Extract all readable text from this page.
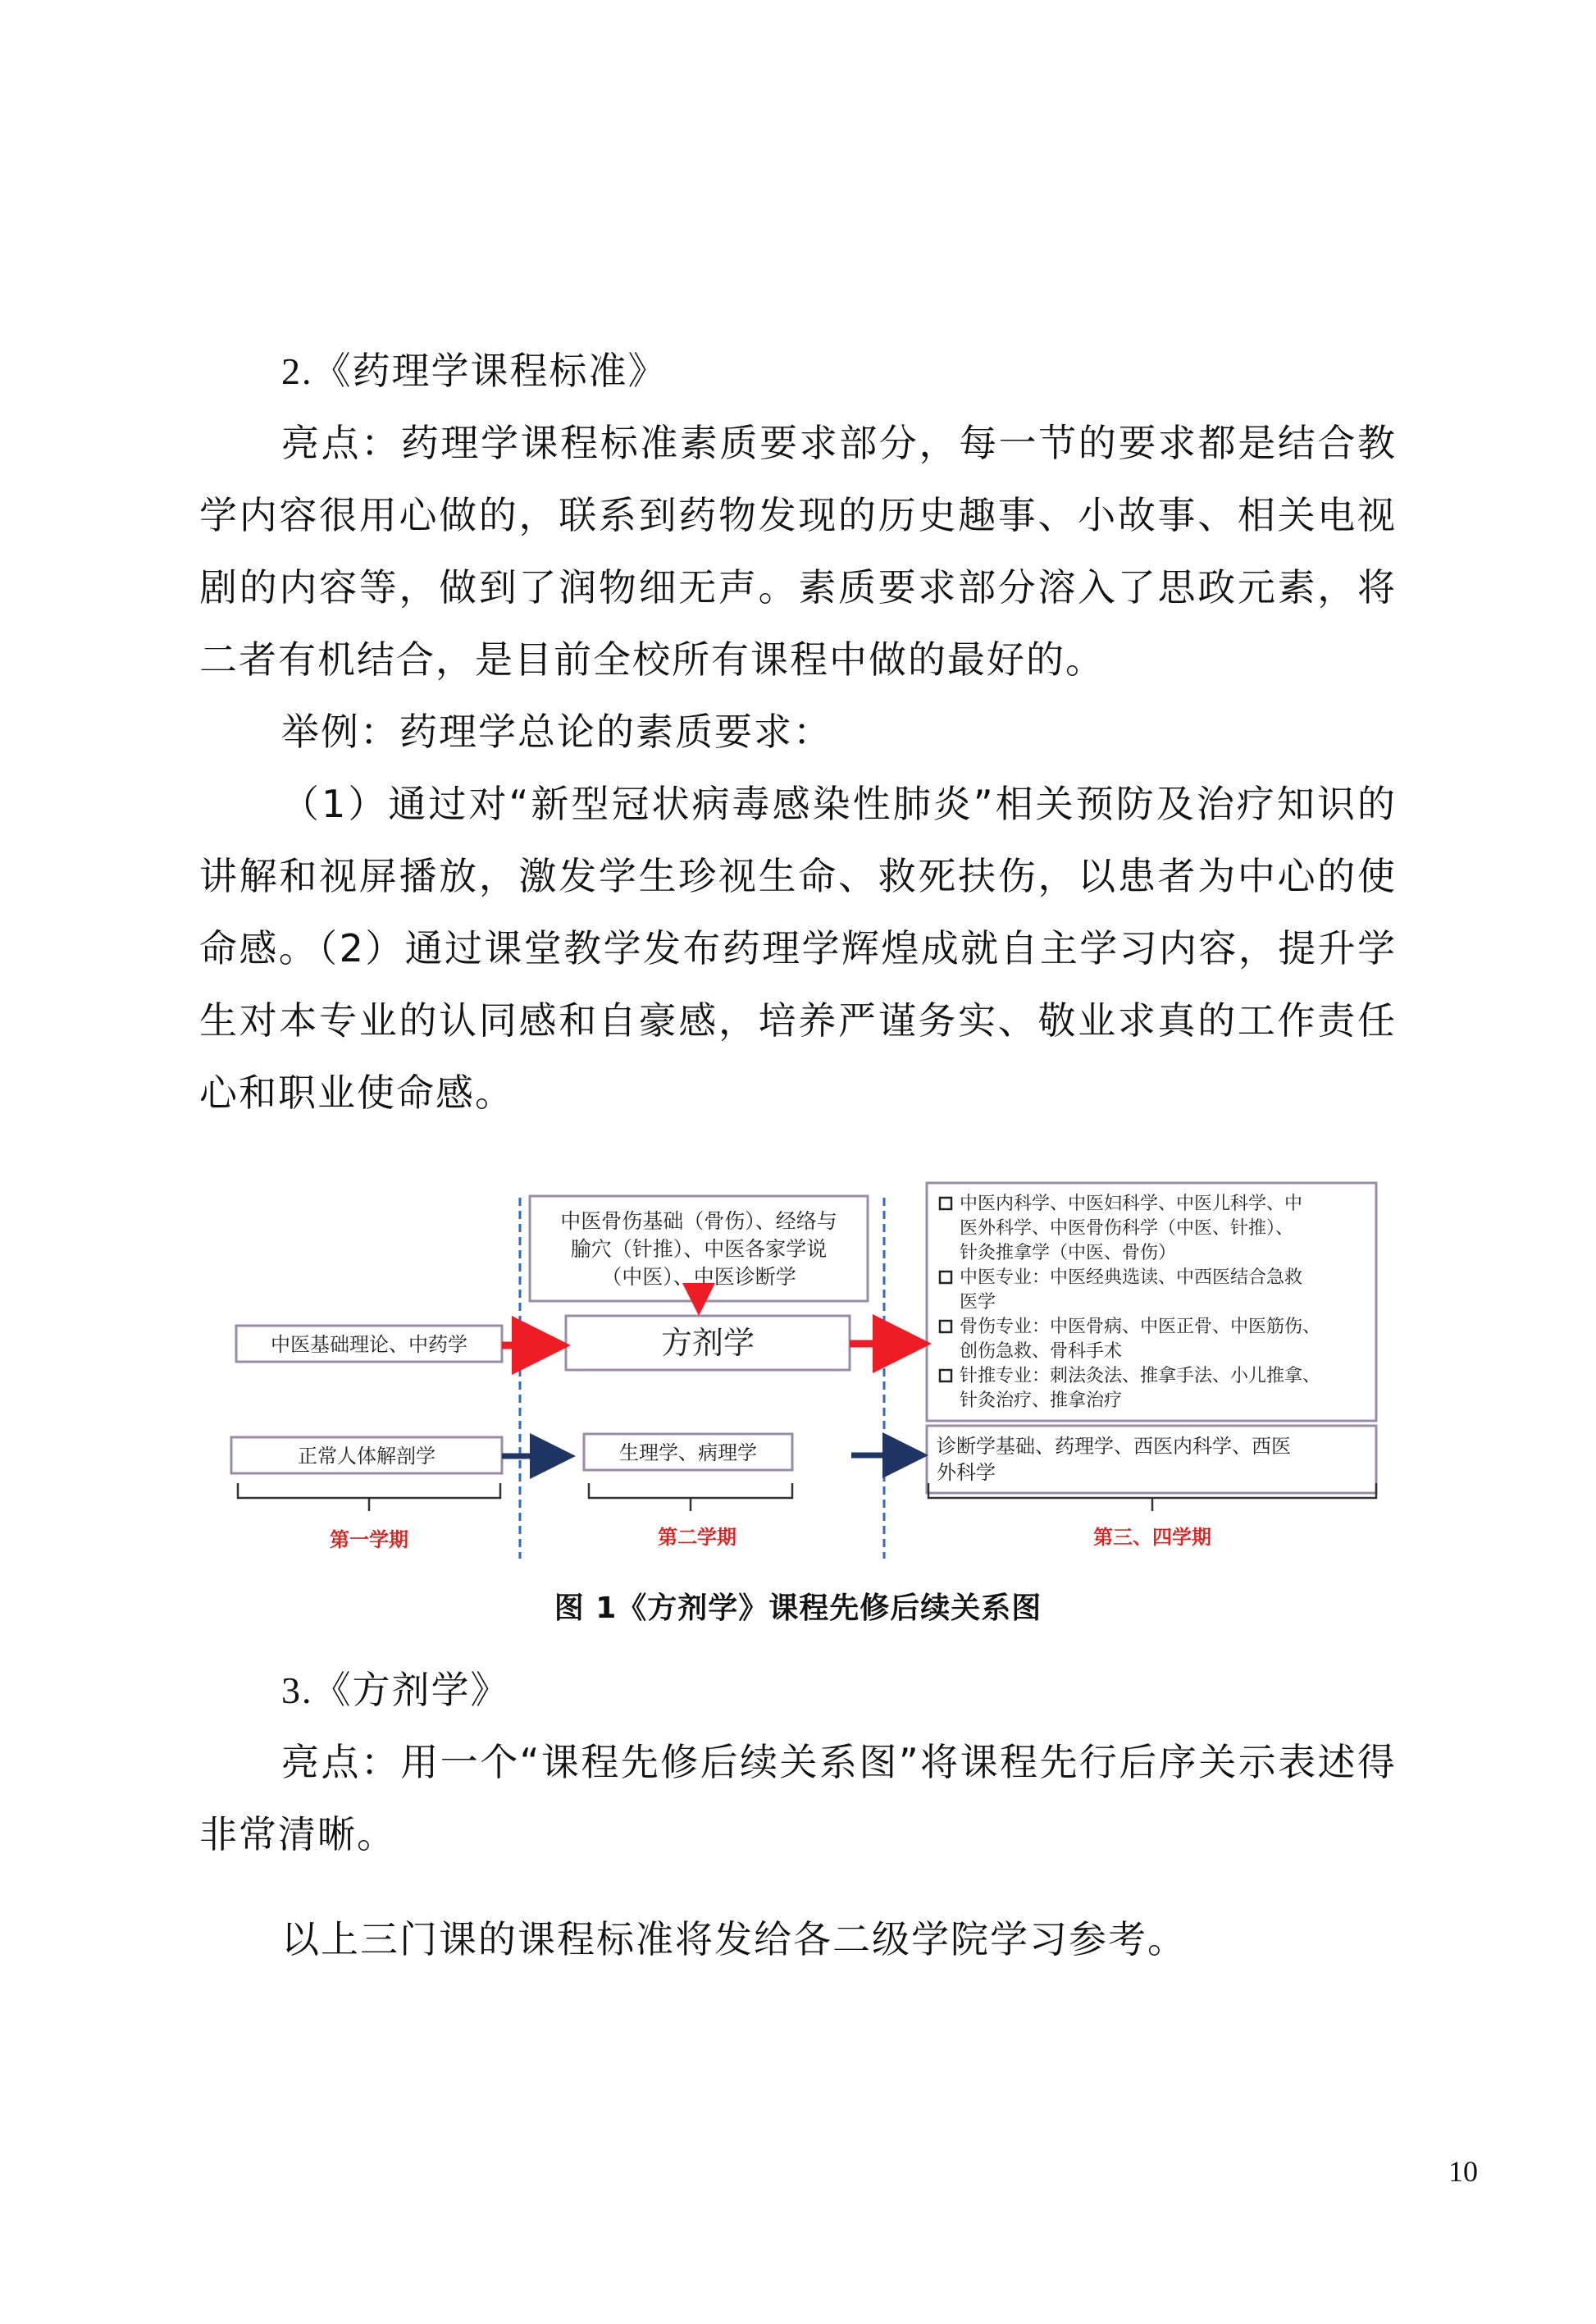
2.《药理学课程标准》

亮点：药理学课程标准素质要求部分，每一节的要求都是结合教学内容很用心做的，联系到药物发现的历史趣事、小故事、相关电视剧的内容等，做到了润物细无声。素质要求部分溶入了思政元素，将二者有机结合，是目前全校所有课程中做的最好的。

举例：药理学总论的素质要求：

（1）通过对“新型冠状病毒感染性肺炎”相关预防及治疗知识的讲解和视屏播放，激发学生珍视生命、救死扶伤，以患者为中心的使命感。（2）通过课堂教学发布药理学辉煌成就自主学习内容，提升学生对本专业的认同感和自豪感，培养严谨务实、敬业求真的工作责任心和职业使命感。

中医基础理论、中药学
正常人体解剖学
中医骨伤基础（骨伤）、经络与
腧穴（针推）、中医各家学说
（中医）、中医诊断学
方剂学
生理学、病理学
中医内科学、中医妇科学、中医儿科学、中
医外科学、中医骨伤科学（中医、针推）、
针灸推拿学（中医、骨伤）
中医专业：中医经典选读、中西医结合急救
医学
骨伤专业：中医骨病、中医正骨、中医筋伤、
创伤急救、骨科手术
针推专业：刺法灸法、推拿手法、小儿推拿、
针灸治疗、推拿治疗
诊断学基础、药理学、西医内科学、西医
外科学
第一学期	第二学期	第三、四学期
图 1《方剂学》课程先修后续关系图
3.《方剂学》

亮点：用一个“课程先修后续关系图”将课程先行后序关示表述得非常清晰。

以上三门课的课程标准将发给各二级学院学习参考。

10
